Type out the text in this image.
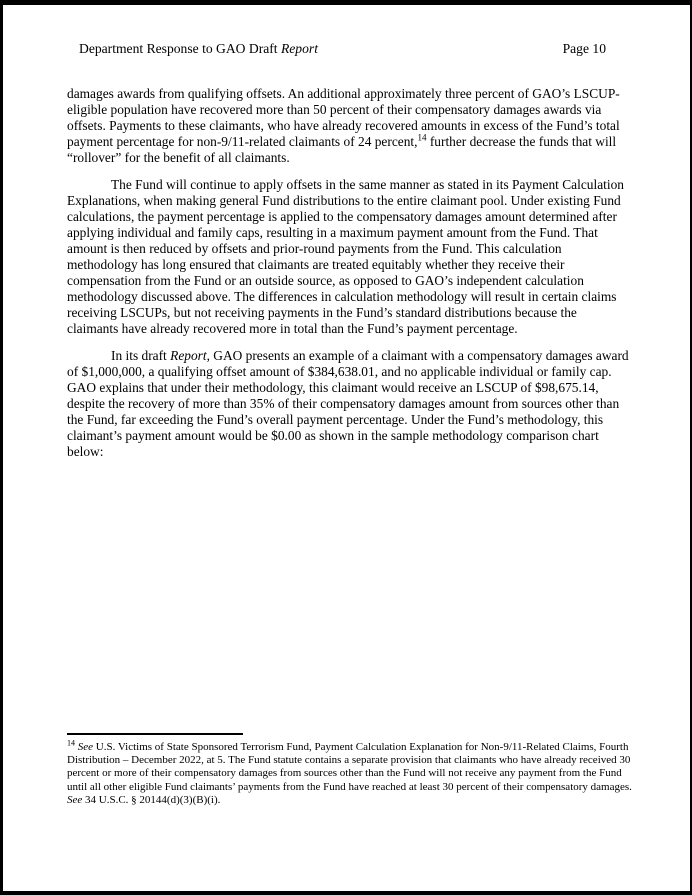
Department Response to GAO Draft Report	Page 10

damages awards from qualifying offsets. An additional approximately three percent of GAO’s LSCUP-eligible population have recovered more than 50 percent of their compensatory damages awards via offsets. Payments to these claimants, who have already recovered amounts in excess of the Fund’s total payment percentage for non-9/11-related claimants of 24 percent,$^{14}$ further decrease the funds that will “rollover” for the benefit of all claimants.

The Fund will continue to apply offsets in the same manner as stated in its Payment Calculation Explanations, when making general Fund distributions to the entire claimant pool. Under existing Fund calculations, the payment percentage is applied to the compensatory damages amount determined after applying individual and family caps, resulting in a maximum payment amount from the Fund. That amount is then reduced by offsets and prior-round payments from the Fund. This calculation methodology has long ensured that claimants are treated equitably whether they receive their compensation from the Fund or an outside source, as opposed to GAO’s independent calculation methodology discussed above. The differences in calculation methodology will result in certain claims receiving LSCUPs, but not receiving payments in the Fund’s standard distributions because the claimants have already recovered more in total than the Fund’s payment percentage.

In its draft Report, GAO presents an example of a claimant with a compensatory damages award of $1,000,000, a qualifying offset amount of $384,638.01, and no applicable individual or family cap. GAO explains that under their methodology, this claimant would receive an LSCUP of $98,675.14, despite the recovery of more than 35% of their compensatory damages amount from sources other than the Fund, far exceeding the Fund’s overall payment percentage. Under the Fund’s methodology, this claimant’s payment amount would be $0.00 as shown in the sample methodology comparison chart below:

$^{14}$ See U.S. Victims of State Sponsored Terrorism Fund, Payment Calculation Explanation for Non-9/11-Related Claims, Fourth Distribution – December 2022, at 5. The Fund statute contains a separate provision that claimants who have already received 30 percent or more of their compensatory damages from sources other than the Fund will not receive any payment from the Fund until all other eligible Fund claimants’ payments from the Fund have reached at least 30 percent of their compensatory damages. See 34 U.S.C. § 20144(d)(3)(B)(i).
